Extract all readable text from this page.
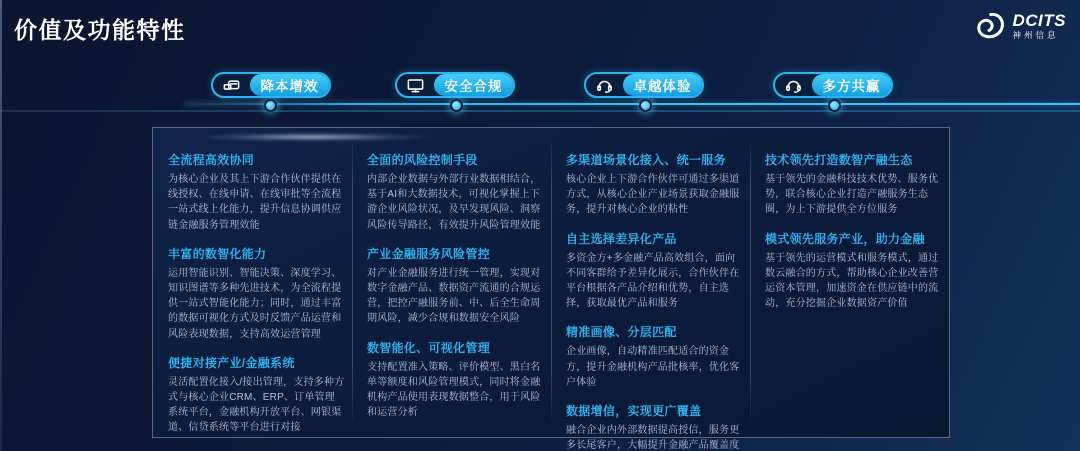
价值及功能特性	DCITS
神州信息
降本增效	安全合规	卓越体验	多方共赢
全流程高效协同

为核心企业及其上下游合作伙伴提供在线授权、在线申请、在线审批等全流程一站式线上化能力，提升信息协调供应链金融服务管理效能

丰富的数智化能力

运用智能识别、智能决策、深度学习、知识图谱等多种先进技术，为全流程提供一站式智能化能力；同时，通过丰富的数据可视化方式及时反馈产品运营和风险表现数据，支持高效运营管理

便捷对接产业/金融系统

灵活配置化接入/接出管理，支持多种方式与核心企业CRM、ERP、订单管理系统平台，金融机构开放平台、网银渠道、信贷系统等平台进行对接

全面的风险控制手段

内部企业数据与外部行业数据相结合，基于AI和大数据技术，可视化掌握上下游企业风险状况，及早发现风险、洞察风险传导路径，有效提升风险管理效能

产业金融服务风险管控

对产业金融服务进行统一管理，实现对数字金融产品、数据资产流通的合规运营，把控产融服务前、中、后全生命周期风险，减少合规和数据安全风险

数智能化、可视化管理

支持配置准入策略、评价模型、黑白名单等额度和风险管理模式，同时将金融机构产品使用表现数据整合，用于风险和运营分析

多渠道场景化接入、统一服务

核心企业上下游合作伙伴可通过多渠道方式，从核心企业产业场景获取金融服务，提升对核心企业的粘性

自主选择差异化产品

多资金方+多金融产品高效组合，面向不同客群给予差异化展示，合作伙伴在平台根据各产品介绍和优势，自主选择，获取最优产品和服务

精准画像、分层匹配

企业画像，自动精准匹配适合的资金方，提升金融机构产品批核率，优化客户体验

数据增信，实现更广覆盖

融合企业内外部数据提高授信，服务更多长尾客户，大幅提升金融产品覆盖度

技术领先打造数智产融生态

基于领先的金融科技技术优势、服务优势，联合核心企业打造产融服务生态圈，为上下游提供全方位服务

模式领先服务产业，助力金融

基于领先的运营模式和服务模式，通过数云融合的方式，帮助核心企业改善营运资本管理，加速资金在供应链中的流动，充分挖掘企业数据资产价值
